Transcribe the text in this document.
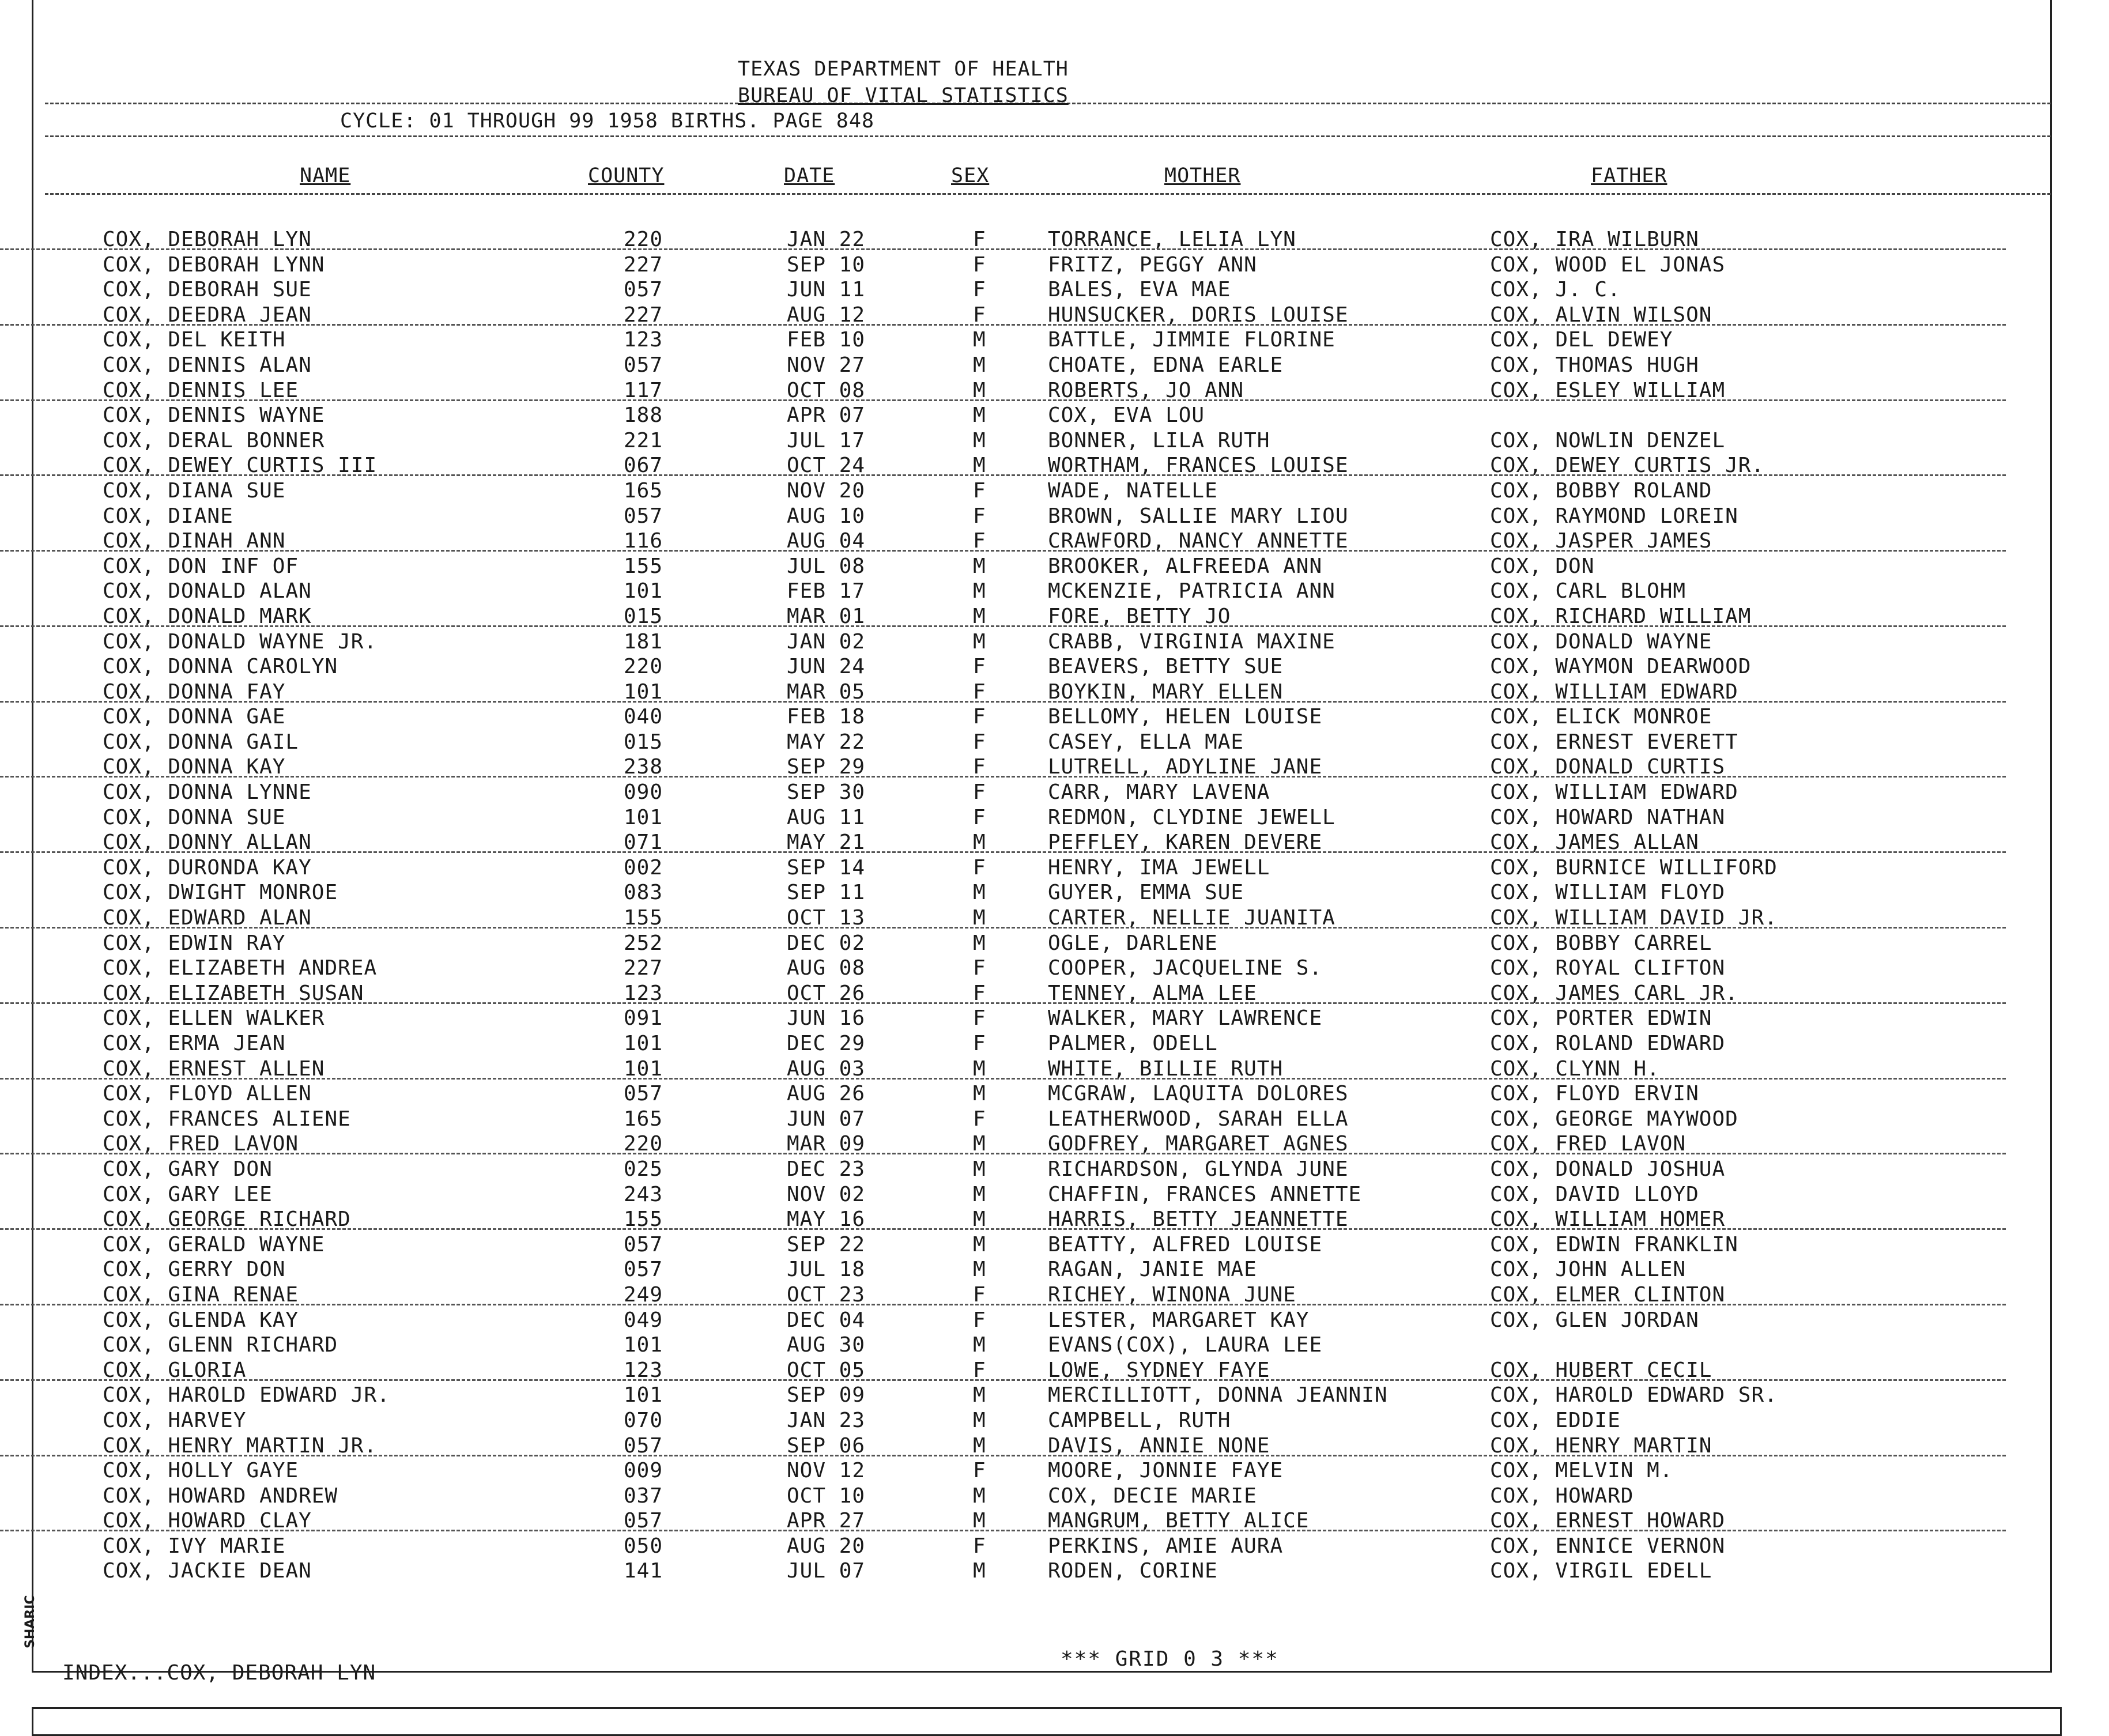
TEXAS DEPARTMENT OF HEALTH
BUREAU OF VITAL STATISTICS
CYCLE: 01 THROUGH 99 1958 BIRTHS. PAGE 848
NAME	COUNTY	DATE	SEX	MOTHER	FATHER
COX, DEBORAH LYN	220	JAN 22	F	TORRANCE, LELIA LYN	COX, IRA WILBURN
COX, DEBORAH LYNN	227	SEP 10	F	FRITZ, PEGGY ANN	COX, WOOD EL JONAS
COX, DEBORAH SUE	057	JUN 11	F	BALES, EVA MAE	COX, J. C.
COX, DEEDRA JEAN	227	AUG 12	F	HUNSUCKER, DORIS LOUISE	COX, ALVIN WILSON
COX, DEL KEITH	123	FEB 10	M	BATTLE, JIMMIE FLORINE	COX, DEL DEWEY
COX, DENNIS ALAN	057	NOV 27	M	CHOATE, EDNA EARLE	COX, THOMAS HUGH
COX, DENNIS LEE	117	OCT 08	M	ROBERTS, JO ANN	COX, ESLEY WILLIAM
COX, DENNIS WAYNE	188	APR 07	M	COX, EVA LOU
COX, DERAL BONNER	221	JUL 17	M	BONNER, LILA RUTH	COX, NOWLIN DENZEL
COX, DEWEY CURTIS III	067	OCT 24	M	WORTHAM, FRANCES LOUISE	COX, DEWEY CURTIS JR.
COX, DIANA SUE	165	NOV 20	F	WADE, NATELLE	COX, BOBBY ROLAND
COX, DIANE	057	AUG 10	F	BROWN, SALLIE MARY LIOU	COX, RAYMOND LOREIN
COX, DINAH ANN	116	AUG 04	F	CRAWFORD, NANCY ANNETTE	COX, JASPER JAMES
COX, DON INF OF	155	JUL 08	M	BROOKER, ALFREEDA ANN	COX, DON
COX, DONALD ALAN	101	FEB 17	M	MCKENZIE, PATRICIA ANN	COX, CARL BLOHM
COX, DONALD MARK	015	MAR 01	M	FORE, BETTY JO	COX, RICHARD WILLIAM
COX, DONALD WAYNE JR.	181	JAN 02	M	CRABB, VIRGINIA MAXINE	COX, DONALD WAYNE
COX, DONNA CAROLYN	220	JUN 24	F	BEAVERS, BETTY SUE	COX, WAYMON DEARWOOD
COX, DONNA FAY	101	MAR 05	F	BOYKIN, MARY ELLEN	COX, WILLIAM EDWARD
COX, DONNA GAE	040	FEB 18	F	BELLOMY, HELEN LOUISE	COX, ELICK MONROE
COX, DONNA GAIL	015	MAY 22	F	CASEY, ELLA MAE	COX, ERNEST EVERETT
COX, DONNA KAY	238	SEP 29	F	LUTRELL, ADYLINE JANE	COX, DONALD CURTIS
COX, DONNA LYNNE	090	SEP 30	F	CARR, MARY LAVENA	COX, WILLIAM EDWARD
COX, DONNA SUE	101	AUG 11	F	REDMON, CLYDINE JEWELL	COX, HOWARD NATHAN
COX, DONNY ALLAN	071	MAY 21	M	PEFFLEY, KAREN DEVERE	COX, JAMES ALLAN
COX, DURONDA KAY	002	SEP 14	F	HENRY, IMA JEWELL	COX, BURNICE WILLIFORD
COX, DWIGHT MONROE	083	SEP 11	M	GUYER, EMMA SUE	COX, WILLIAM FLOYD
COX, EDWARD ALAN	155	OCT 13	M	CARTER, NELLIE JUANITA	COX, WILLIAM DAVID JR.
COX, EDWIN RAY	252	DEC 02	M	OGLE, DARLENE	COX, BOBBY CARREL
COX, ELIZABETH ANDREA	227	AUG 08	F	COOPER, JACQUELINE S.	COX, ROYAL CLIFTON
COX, ELIZABETH SUSAN	123	OCT 26	F	TENNEY, ALMA LEE	COX, JAMES CARL JR.
COX, ELLEN WALKER	091	JUN 16	F	WALKER, MARY LAWRENCE	COX, PORTER EDWIN
COX, ERMA JEAN	101	DEC 29	F	PALMER, ODELL	COX, ROLAND EDWARD
COX, ERNEST ALLEN	101	AUG 03	M	WHITE, BILLIE RUTH	COX, CLYNN H.
COX, FLOYD ALLEN	057	AUG 26	M	MCGRAW, LAQUITA DOLORES	COX, FLOYD ERVIN
COX, FRANCES ALIENE	165	JUN 07	F	LEATHERWOOD, SARAH ELLA	COX, GEORGE MAYWOOD
COX, FRED LAVON	220	MAR 09	M	GODFREY, MARGARET AGNES	COX, FRED LAVON
COX, GARY DON	025	DEC 23	M	RICHARDSON, GLYNDA JUNE	COX, DONALD JOSHUA
COX, GARY LEE	243	NOV 02	M	CHAFFIN, FRANCES ANNETTE	COX, DAVID LLOYD
COX, GEORGE RICHARD	155	MAY 16	M	HARRIS, BETTY JEANNETTE	COX, WILLIAM HOMER
COX, GERALD WAYNE	057	SEP 22	M	BEATTY, ALFRED LOUISE	COX, EDWIN FRANKLIN
COX, GERRY DON	057	JUL 18	M	RAGAN, JANIE MAE	COX, JOHN ALLEN
COX, GINA RENAE	249	OCT 23	F	RICHEY, WINONA JUNE	COX, ELMER CLINTON
COX, GLENDA KAY	049	DEC 04	F	LESTER, MARGARET KAY	COX, GLEN JORDAN
COX, GLENN RICHARD	101	AUG 30	M	EVANS(COX), LAURA LEE
COX, GLORIA	123	OCT 05	F	LOWE, SYDNEY FAYE	COX, HUBERT CECIL
COX, HAROLD EDWARD JR.	101	SEP 09	M	MERCILLIOTT, DONNA JEANNIN	COX, HAROLD EDWARD SR.
COX, HARVEY	070	JAN 23	M	CAMPBELL, RUTH	COX, EDDIE
COX, HENRY MARTIN JR.	057	SEP 06	M	DAVIS, ANNIE NONE	COX, HENRY MARTIN
COX, HOLLY GAYE	009	NOV 12	F	MOORE, JONNIE FAYE	COX, MELVIN M.
COX, HOWARD ANDREW	037	OCT 10	M	COX, DECIE MARIE	COX, HOWARD
COX, HOWARD CLAY	057	APR 27	M	MANGRUM, BETTY ALICE	COX, ERNEST HOWARD
COX, IVY MARIE	050	AUG 20	F	PERKINS, AMIE AURA	COX, ENNICE VERNON
COX, JACKIE DEAN	141	JUL 07	M	RODEN, CORINE	COX, VIRGIL EDELL
SHARIC
*** GRID 0 3 ***
INDEX...COX, DEBORAH LYN
